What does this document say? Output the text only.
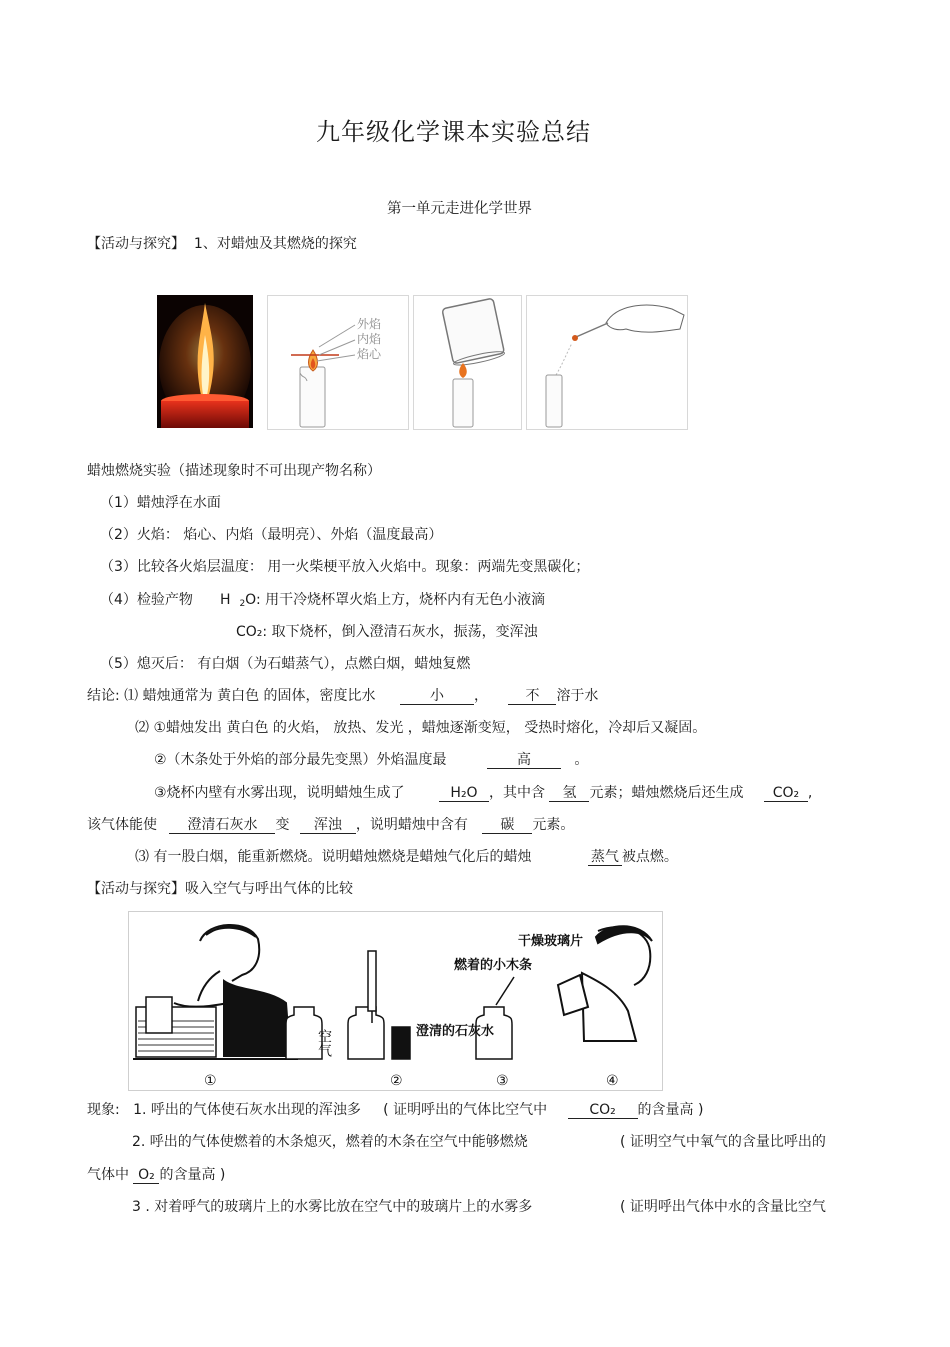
九年级化学课本实验总结
第一单元走进化学世界
【活动与探究】 1、对蜡烛及其燃烧的探究
外焰
内焰
焰心
蜡烛燃烧实验（描述现象时不可出现产物名称）
（1）蜡烛浮在水面
（2）火焰： 焰心、内焰（最明亮）、外焰（温度最高）
（3）比较各火焰层温度： 用一火柴梗平放入火焰中。现象：两端先变黑碳化；
（4）检验产物 H $_2$O: 用干冷烧杯罩火焰上方，烧杯内有无色小液滴
CO₂: 取下烧杯，倒入澄清石灰水，振荡，变浑浊
（5）熄灭后： 有白烟（为石蜡蒸气），点燃白烟，蜡烛复燃
结论: ⑴ 蜡烛通常为 黄白色 的固体，密度比水	小 ， 不 溶于水
⑵ ①蜡烛发出 黄白色 的火焰， 放热、发光 ，蜡烛逐渐变短， 受热时熔化，冷却后又凝固。
②（木条处于外焰的部分最先变黑）外焰温度最	高   。
③烧杯内壁有水雾出现，说明蜡烛生成了	H₂O ，其中含 氢 元素；蜡烛燃烧后还生成 CO₂ ,
该气体能使 澄清石灰水 变 浑浊 ，说明蜡烛中含有 碳 元素。
⑶ 有一股白烟，能重新燃烧。说明蜡烛燃烧是蜡烛气化后的蜡烛	蒸气 被点燃。
【活动与探究】吸入空气与呼出气体的比较
空气	澄清的石灰水
燃着的小木条
干燥玻璃片
①	②	③	④
现象: 1. 呼出的气体使石灰水出现的浑浊多 ( 证明呼出的气体比空气中	CO₂ 的含量高 )
2. 呼出的气体使燃着的木条熄灭，燃着的木条在空气中能够燃烧	( 证明空气中氧气的含量比呼出的
气体中 O₂ 的含量高 )
3 . 对着呼气的玻璃片上的水雾比放在空气中的玻璃片上的水雾多	( 证明呼出气体中水的含量比空气
